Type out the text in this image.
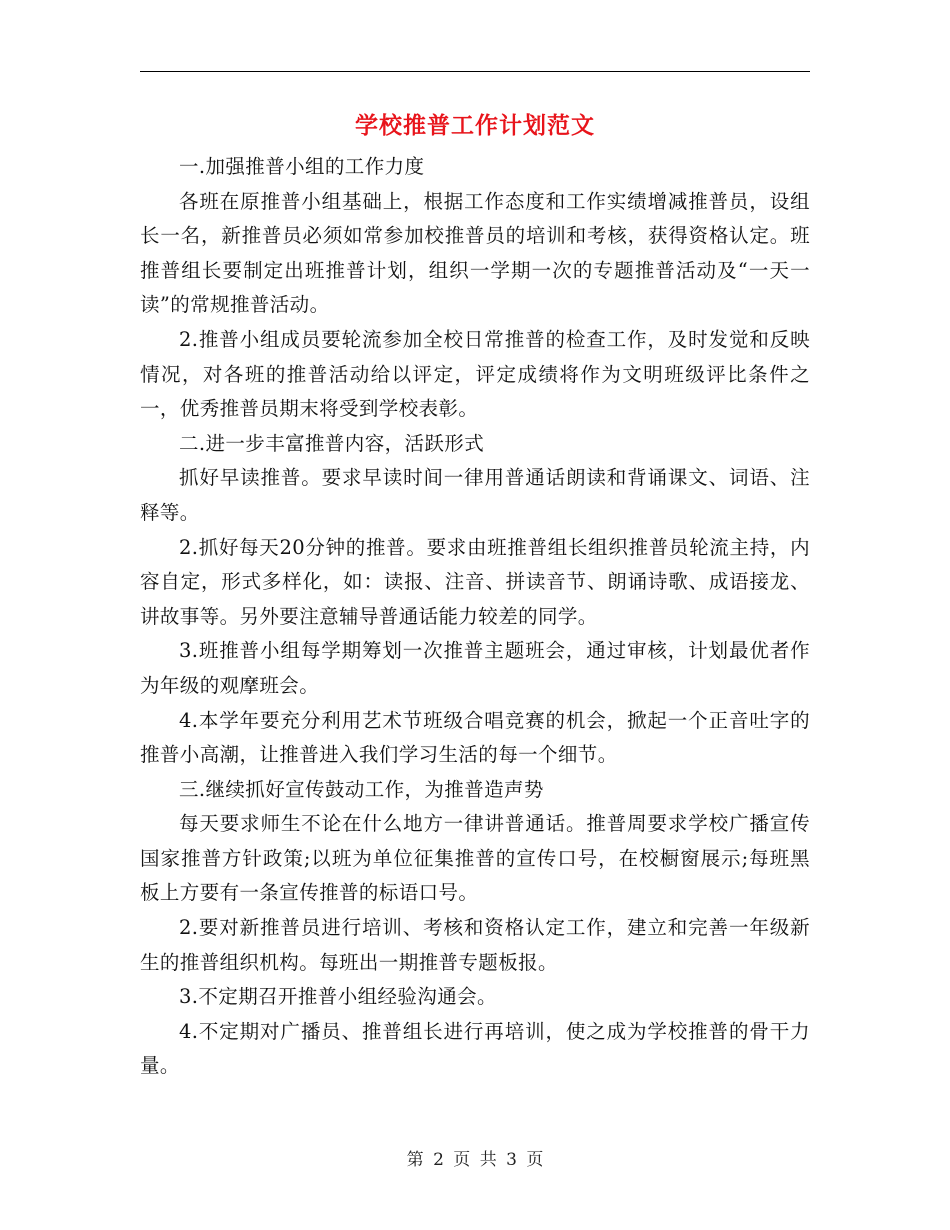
学校推普工作计划范文

一.加强推普小组的工作力度

各班在原推普小组基础上，根据工作态度和工作实绩增减推普员，设组长一名，新推普员必须如常参加校推普员的培训和考核，获得资格认定。班推普组长要制定出班推普计划，组织一学期一次的专题推普活动及“一天一读”的常规推普活动。

2.推普小组成员要轮流参加全校日常推普的检查工作，及时发觉和反映情况，对各班的推普活动给以评定，评定成绩将作为文明班级评比条件之一，优秀推普员期末将受到学校表彰。

二.进一步丰富推普内容，活跃形式

抓好早读推普。要求早读时间一律用普通话朗读和背诵课文、词语、注释等。

2.抓好每天20分钟的推普。要求由班推普组长组织推普员轮流主持，内容自定，形式多样化，如：读报、注音、拼读音节、朗诵诗歌、成语接龙、讲故事等。另外要注意辅导普通话能力较差的同学。

3.班推普小组每学期筹划一次推普主题班会，通过审核，计划最优者作为年级的观摩班会。

4.本学年要充分利用艺术节班级合唱竞赛的机会，掀起一个正音吐字的推普小高潮，让推普进入我们学习生活的每一个细节。

三.继续抓好宣传鼓动工作，为推普造声势

每天要求师生不论在什么地方一律讲普通话。推普周要求学校广播宣传国家推普方针政策;以班为单位征集推普的宣传口号，在校橱窗展示;每班黑板上方要有一条宣传推普的标语口号。

2.要对新推普员进行培训、考核和资格认定工作，建立和完善一年级新生的推普组织机构。每班出一期推普专题板报。

3.不定期召开推普小组经验沟通会。

4.不定期对广播员、推普组长进行再培训，使之成为学校推普的骨干力量。

第 2 页 共 3 页
